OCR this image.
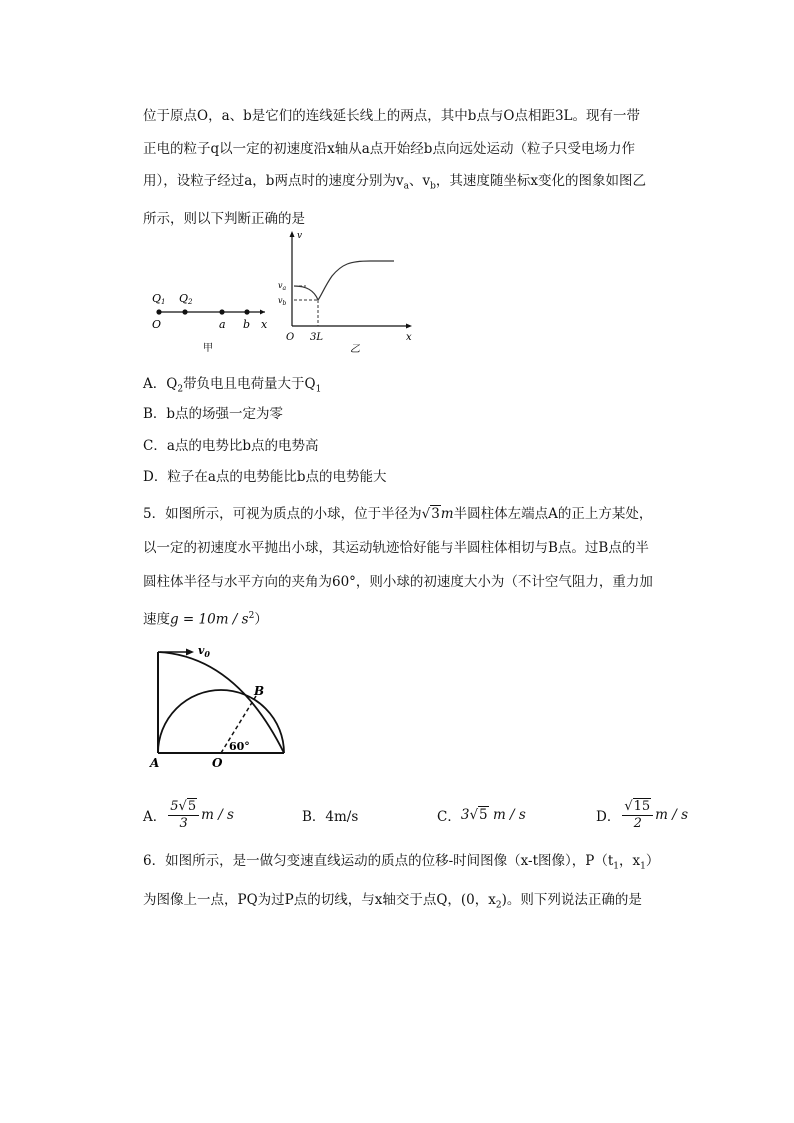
位于原点O，a、b是它们的连线延长线上的两点，其中b点与O点相距3L。现有一带
正电的粒子q以一定的初速度沿x轴从a点开始经b点向远处运动（粒子只受电场力作
用），设粒子经过a，b两点时的速度分别为$v_a$、$v_b$，其速度随坐标x变化的图象如图乙
所示，则以下判断正确的是
Q1 Q2
O	a b x
甲
v
$v_a$
$v_b$
O 3L	x
乙
A．$Q_2$带负电且电荷量大于$Q_1$
B．b点的场强一定为零
C．a点的电势比b点的电势高
D．粒子在a点的电势能比b点的电势能大
5．如图所示，可视为质点的小球，位于半径为√3m半圆柱体左端点A的正上方某处，
以一定的初速度水平抛出小球，其运动轨迹恰好能与半圆柱体相切与B点。过B点的半
圆柱体半径与水平方向的夹角为60°，则小球的初速度大小为（不计空气阻力，重力加
速度$g = 10m / s^2$）
$v_0$
B
60°
A	O
A． $\frac{5√5}{3}$ m / s	B．4m/s	C． 3√5 m / s	D． $\frac{√15}{2}$ m / s
6．如图所示，是一做匀变速直线运动的质点的位移-时间图像（x-t图像），$P(t_1$，$x_1$）
为图像上一点，PQ为过P点的切线，与x轴交于点Q，(0，$x_2$)。则下列说法正确的是
